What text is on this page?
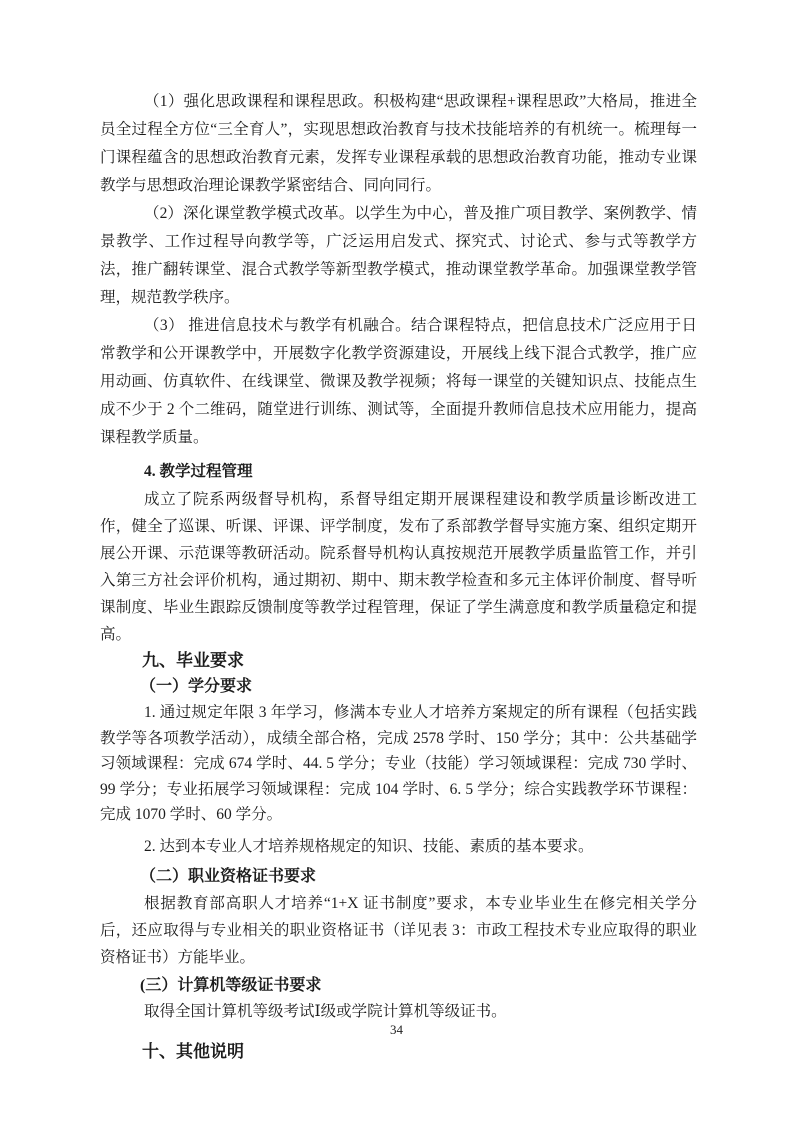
（1）强化思政课程和课程思政。积极构建“思政课程+课程思政”大格局，推进全员全过程全方位“三全育人”，实现思想政治教育与技术技能培养的有机统一。梳理每一门课程蕴含的思想政治教育元素，发挥专业课程承载的思想政治教育功能，推动专业课教学与思想政治理论课教学紧密结合、同向同行。

（2）深化课堂教学模式改革。以学生为中心，普及推广项目教学、案例教学、情景教学、工作过程导向教学等，广泛运用启发式、探究式、讨论式、参与式等教学方法，推广翻转课堂、混合式教学等新型教学模式，推动课堂教学革命。加强课堂教学管理，规范教学秩序。

（3） 推进信息技术与教学有机融合。结合课程特点，把信息技术广泛应用于日常教学和公开课教学中，开展数字化教学资源建设，开展线上线下混合式教学，推广应用动画、仿真软件、在线课堂、微课及教学视频；将每一课堂的关键知识点、技能点生成不少于 2 个二维码，随堂进行训练、测试等，全面提升教师信息技术应用能力，提高课程教学质量。

4. 教学过程管理

成立了院系两级督导机构，系督导组定期开展课程建设和教学质量诊断改进工作，健全了巡课、听课、评课、评学制度，发布了系部教学督导实施方案、组织定期开展公开课、示范课等教研活动。院系督导机构认真按规范开展教学质量监管工作，并引入第三方社会评价机构，通过期初、期中、期末教学检查和多元主体评价制度、督导听课制度、毕业生跟踪反馈制度等教学过程管理，保证了学生满意度和教学质量稳定和提高。

九、毕业要求

（一）学分要求

1. 通过规定年限 3 年学习，修满本专业人才培养方案规定的所有课程（包括实践教学等各项教学活动），成绩全部合格，完成 2578 学时、150 学分；其中：公共基础学习领域课程：完成 674 学时、44. 5 学分；专业（技能）学习领域课程：完成 730 学时、99 学分；专业拓展学习领域课程：完成 104 学时、6. 5 学分；综合实践教学环节课程：完成 1070 学时、60 学分。

2. 达到本专业人才培养规格规定的知识、技能、素质的基本要求。

（二）职业资格证书要求

根据教育部高职人才培养“1+X 证书制度”要求，本专业毕业生在修完相关学分后，还应取得与专业相关的职业资格证书（详见表 3：市政工程技术专业应取得的职业资格证书）方能毕业。

(三）计算机等级证书要求

取得全国计算机等级考试Ⅰ级或学院计算机等级证书。

十、其他说明

34
